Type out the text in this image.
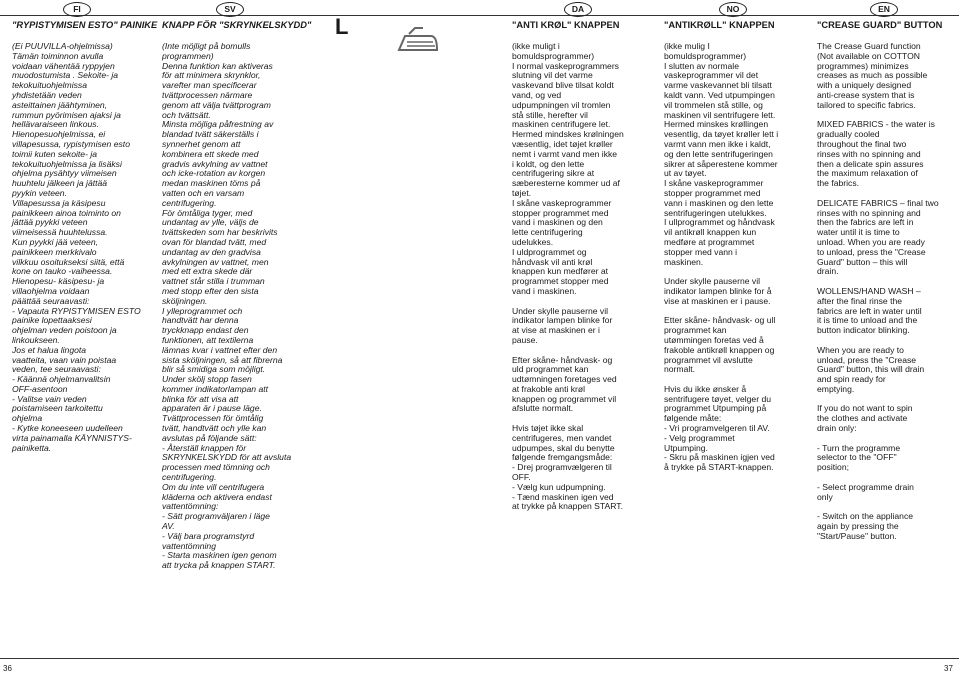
FI	SV	DA	NO	EN
L
"RYPISTYMISEN ESTO" PAINIKE KNAPP FÖR "SKRYNKELSKYDD"	"ANTI KRØL" KNAPPEN	"ANTIKRØLL" KNAPPEN	"CREASE GUARD" BUTTON

(Ei PUUVILLA-ohjelmissa)

Tämän toiminnon avulla

voidaan vähentää ryppyjen

muodostumista . Sekoite- ja

tekokuituohjelmissa

yhdistetään veden

asteittainen jäähtyminen,

rummun pyörimisen ajaksi ja

hellävaraiseen linkous.

Hienopesuohjelmissa, ei

villapesussa, rypistymisen esto

toimii kuten sekoite- ja

tekokuituohjelmissa ja lisäksi

ohjelma pysähtyy viimeisen

huuhtelu jälkeen ja jättää

pyykin veteen.

Villapesussa ja käsipesu

painikkeen ainoa toiminto on

jättää pyykki veteen

viimeisessä huuhtelussa.

Kun pyykki jää veteen,

painikkeen merkkivalo

vilkkuu osoitukseksi siitä, että

kone on tauko -vaiheessa.

Hienopesu- käsipesu- ja

villaohjelma voidaan

päättää seuraavasti:

- Vapauta RYPISTYMISEN ESTO

painike lopettaaksesi

ohjelman veden poistoon ja

linkoukseen.

Jos et halua lingota

vaatteita, vaan vain poistaa

veden, tee seuraavasti:

- Käännä ohjelmanvalitsin

OFF-asentoon

- Valitse vain veden

poistamiseen tarkoitettu

ohjelma

- Kytke koneeseen uudelleen

virta painamalla KÄYNNISTYS-

painiketta.

(Inte möjligt på bomulls

programmen)

Denna funktion kan aktiveras

för att minimera skrynklor,

varefter man specificerar

tvättprocessen närmare

genom att välja tvättprogram

och tvättsätt.

Minsta möjliga påfrestning av

blandad tvätt säkerställs i

synnerhet genom att

kombinera ett skede med

gradvis avkylning av vattnet

och icke-rotation av korgen

medan maskinen töms på

vatten och en varsam

centrifugering.

För ömtåliga tyger, med

undantag av ylle, väljs de

tvättskeden som har beskrivits

ovan för blandad tvätt, med

undantag av den gradvisa

avkylningen av vattnet, men

med ett extra skede där

vattnet står stilla i trumman

med stopp efter den sista

sköljningen.

I ylleprogrammet och

handtvätt har denna

tryckknapp endast den

funktionen, att textilerna

lämnas kvar i vattnet efter den

sista sköljningen, så att fibrerna

blir så smidiga som möjligt.

Under skölj stopp fasen

kommer indikatorlampan att

blinka för att visa att

apparaten är i pause läge.

Tvättprocessen för ömtålig

tvätt, handtvätt och ylle kan

avslutas på följande sätt:

- Återställ knappen för

SKRYNKELSKYDD för att avsluta

processen med tömning och

centrifugering.

Om du inte vill centrifugera

kläderna och aktivera endast

vattentömning:

- Sätt programväljaren i läge

AV.

- Välj bara programstyrd

vattentömning

- Starta maskinen igen genom

att trycka på knappen START.

(ikke muligt i

bomuldsprogrammer)

I normal vaskeprogrammers

slutning vil det varme

vaskevand blive tilsat koldt

vand, og ved

udpumpningen vil tromlen

stå stille, herefter vil

maskinen centrifugere let.

Hermed mindskes krølningen

væsentlig, idet tøjet krøller

nemt i varmt vand men ikke

i koldt, og den lette

centrifugering sikre at

sæberesterne kommer ud af

tøjet.

I skåne vaskeprogrammer

stopper programmet med

vand i maskinen og den

lette centrifugering

udelukkes.

I uldprogrammet og

håndvask vil anti krøl

knappen kun medfører at

programmet stopper med

vand i maskinen.

Under skylle pauserne vil

indikator lampen blinke for

at vise at maskinen er i

pause.

Efter skåne- håndvask- og

uld programmet kan

udtømningen foretages ved

at frakoble anti krøl

knappen og programmet vil

afslutte normalt.

Hvis tøjet ikke skal

centrifugeres, men vandet

udpumpes, skal du benytte

følgende fremgangsmåde:

- Drej programvælgeren til

OFF.

- Vælg kun udpumpning.

- Tænd maskinen igen ved

at trykke på knappen START.

(ikke mulig I

bomuldsprogrammer)

I slutten av normale

vaskeprogrammer vil det

varme vaskevannet bli tilsatt

kaldt vann. Ved utpumpingen

vil trommelen stå stille, og

maskinen vil sentrifugere lett.

Hermed minskes krøllingen

vesentlig, da tøyet krøller lett i

varmt vann men ikke i kaldt,

og den lette sentrifugeringen

sikrer at såperestene kommer

ut av tøyet.

I skåne vaskeprogrammer

stopper programmet med

vann i maskinen og den lette

sentrifugeringen utelukkes.

I ullprogrammet og håndvask

vil antikrøll knappen kun

medføre at programmet

stopper med vann i

maskinen.

Under skylle pauserne vil

indikator lampen blinke for å

vise at maskinen er i pause.

Etter skåne- håndvask- og ull

programmet kan

utømmingen foretas ved å

frakoble antikrøll knappen og

programmet vil avslutte

normalt.

Hvis du ikke ønsker å

sentrifugere tøyet, velger du

programmet Utpumping på

følgende måte:

- Vri programvelgeren til AV.

- Velg programmet

Utpumping.

- Skru på maskinen igjen ved

å trykke på START-knappen.

The Crease Guard function

(Not available on COTTON

programmes) minimizes

creases as much as possible

with a uniquely designed

anti-crease system that is

tailored to specific fabrics.

MIXED FABRICS - the water is

gradually cooled

throughout the final two

rinses with no spinning and

then a delicate spin assures

the maximum relaxation of

the fabrics.

DELICATE FABRICS – final two

rinses with no spinning and

then the fabrics are left in

water until it is time to

unload. When you are ready

to unload, press the "Crease

Guard" button – this will

drain.

WOLLENS/HAND WASH –

after the final rinse the

fabrics are left in water until

it is time to unload and the

button indicator blinking.

When you are ready to

unload, press the "Crease

Guard" button, this will drain

and spin ready for

emptying.

If you do not want to spin

the clothes and activate

drain only:

- Turn the programme

selector to the "OFF"

position;

- Select programme drain

only

- Switch on the appliance

again by pressing the

"Start/Pause" button.

36	37
